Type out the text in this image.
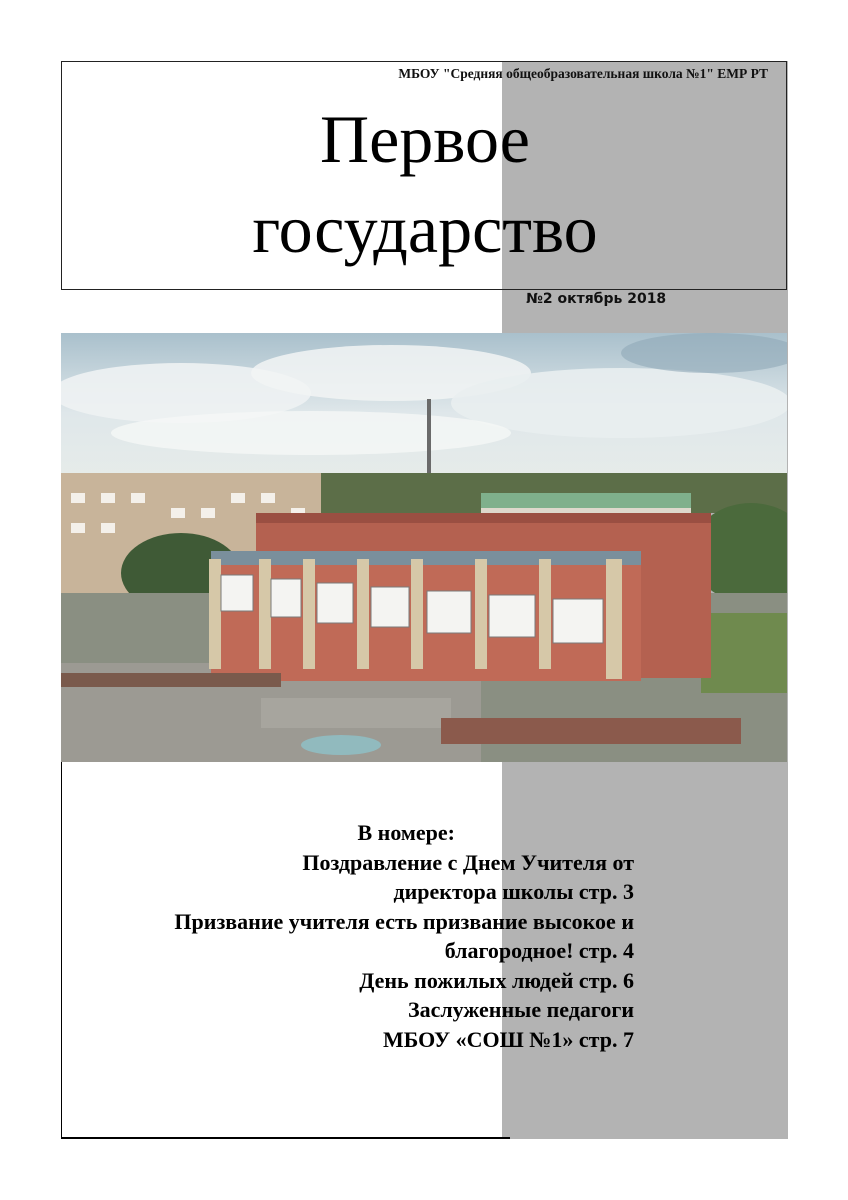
МБОУ "Средняя общеобразовательная школа №1" ЕМР РТ
Первое
государство
№2 октябрь 2018
В номере:
Поздравление с Днем Учителя от
директора школы стр. 3
Призвание учителя есть призвание высокое и
благородное! стр. 4
День пожилых людей стр. 6
Заслуженные педагоги
МБОУ «СОШ №1» стр. 7
